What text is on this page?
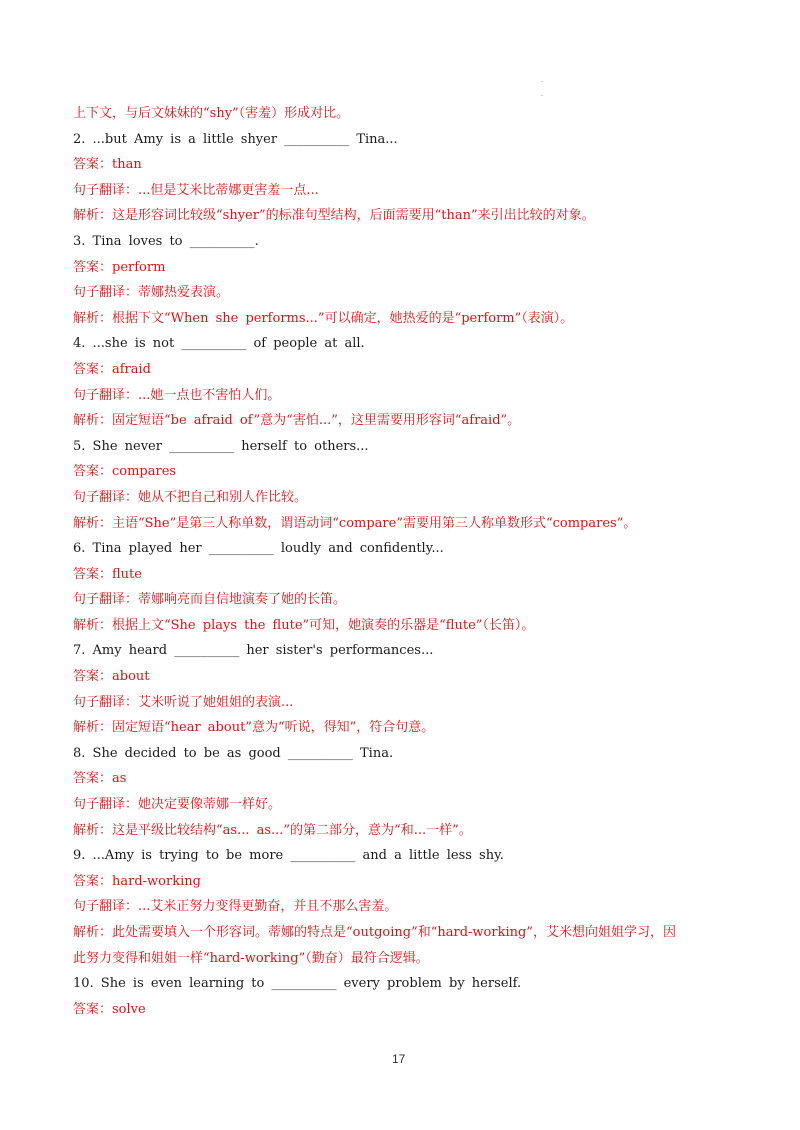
.
.
上下文，与后文妹妹的“shy”（害羞）形成对比。
2. ...but Amy is a little shyer __________ Tina...
答案：than
句子翻译：...但是艾米比蒂娜更害羞一点...
解析：这是形容词比较级“shyer”的标准句型结构，后面需要用“than”来引出比较的对象。
3. Tina loves to __________.
答案：perform
句子翻译：蒂娜热爱表演。
解析：根据下文“When she performs...”可以确定，她热爱的是“perform”（表演）。
4. ...she is not __________ of people at all.
答案：afraid
句子翻译：...她一点也不害怕人们。
解析：固定短语“be afraid of”意为“害怕...”，这里需要用形容词“afraid”。
5. She never __________ herself to others...
答案：compares
句子翻译：她从不把自己和别人作比较。
解析：主语“She”是第三人称单数，谓语动词“compare”需要用第三人称单数形式“compares”。
6. Tina played her __________ loudly and confidently...
答案：flute
句子翻译：蒂娜响亮而自信地演奏了她的长笛。
解析：根据上文“She plays the flute”可知，她演奏的乐器是“flute”（长笛）。
7. Amy heard __________ her sister's performances...
答案：about
句子翻译：艾米听说了她姐姐的表演...
解析：固定短语“hear about”意为“听说，得知”，符合句意。
8. She decided to be as good __________ Tina.
答案：as
句子翻译：她决定要像蒂娜一样好。
解析：这是平级比较结构“as... as...”的第二部分，意为“和...一样”。
9. ...Amy is trying to be more __________ and a little less shy.
答案：hard-working
句子翻译：...艾米正努力变得更勤奋，并且不那么害羞。
解析：此处需要填入一个形容词。蒂娜的特点是“outgoing”和“hard-working”，艾米想向姐姐学习，因
此努力变得和姐姐一样“hard-working”（勤奋）最符合逻辑。
10. She is even learning to __________ every problem by herself.
答案：solve
17
